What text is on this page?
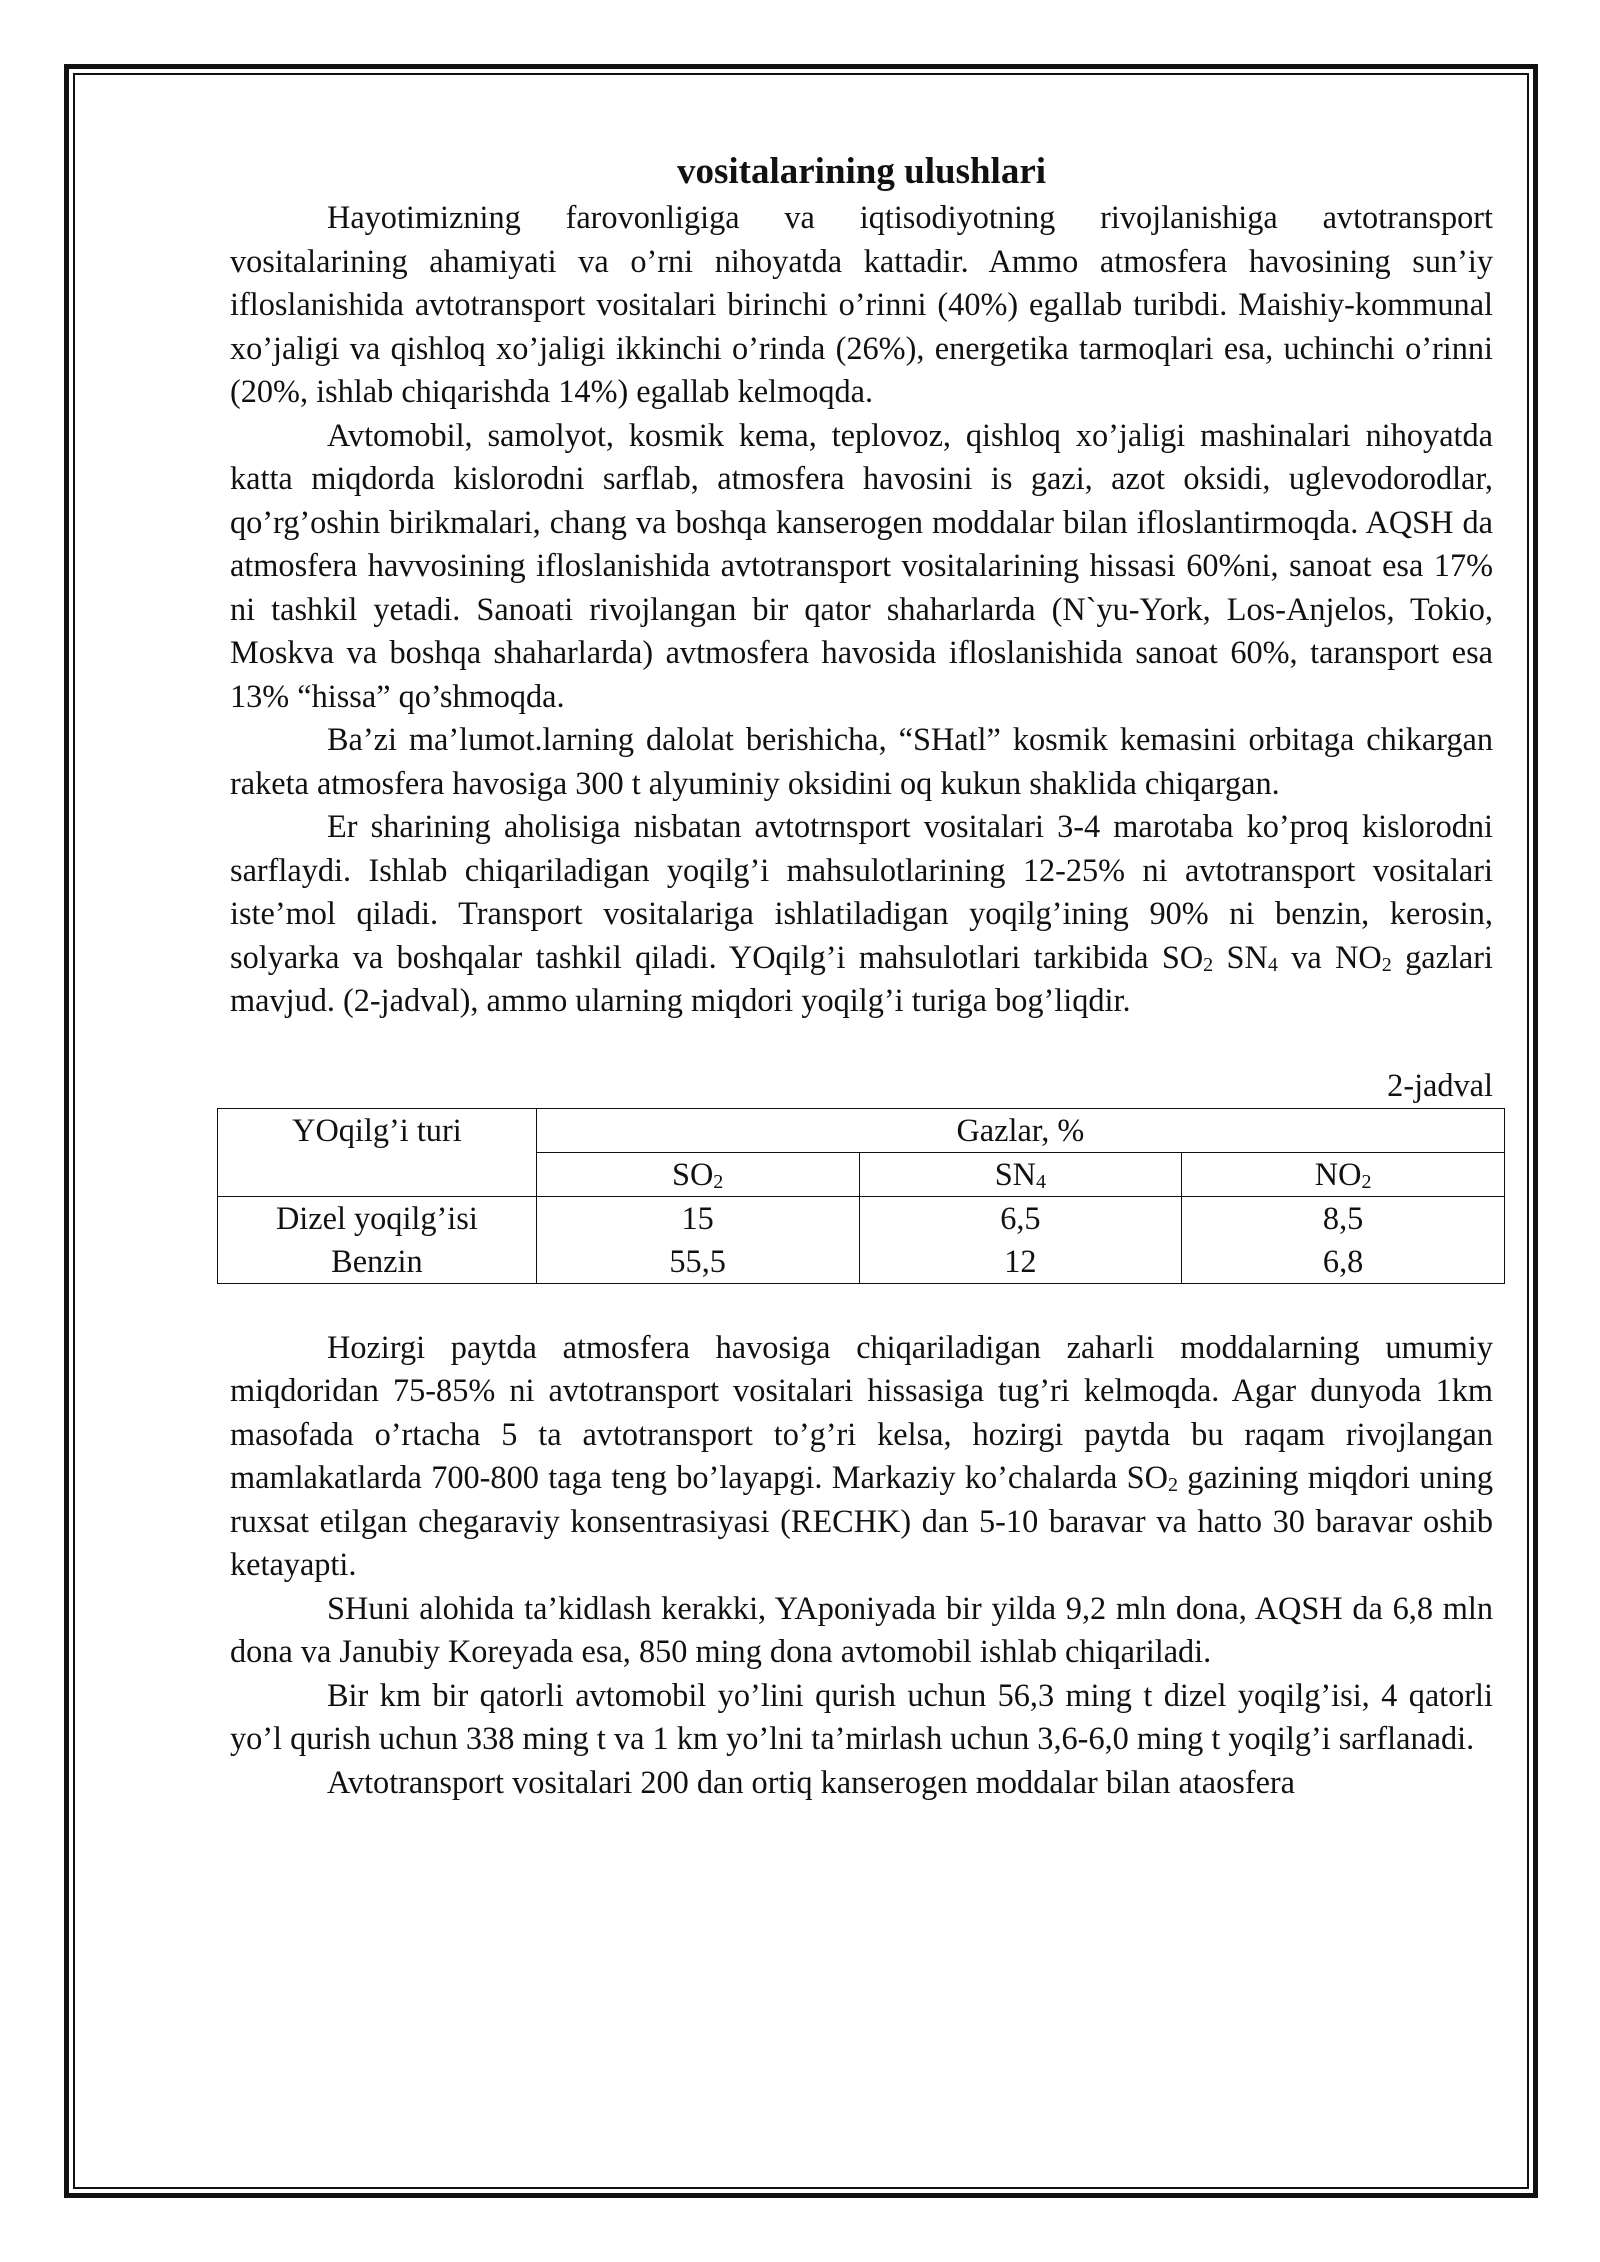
vositalarining ulushlari

Hayotimizning farovonligiga va iqtisodiyotning rivojlanishiga avtotransport vositalarining ahamiyati va o’rni nihoyatda kattadir. Ammo atmosfera havosining sun’iy ifloslanishida avtotransport vositalari birinchi o’rinni (40%) egallab turibdi. Maishiy-kommunal xo’jaligi va qishloq xo’jaligi ikkinchi o’rinda (26%), energetika tarmoqlari esa, uchinchi o’rinni (20%, ishlab chiqarishda 14%) egallab kelmoqda.

Avtomobil, samolyot, kosmik kema, teplovoz, qishloq xo’jaligi mashinalari nihoyatda katta miqdorda kislorodni sarflab, atmosfera havosini is gazi, azot oksidi, uglevodorodlar, qo’rg’oshin birikmalari, chang va boshqa kanserogen moddalar bilan ifloslantirmoqda. AQSH da atmosfera havvosining ifloslanishida avtotransport vositalarining hissasi 60%ni, sanoat esa 17% ni tashkil yetadi. Sanoati rivojlangan bir qator shaharlarda (N`yu-York, Los-Anjelos, Tokio, Moskva va boshqa shaharlarda) avtmosfera havosida ifloslanishida sanoat 60%, taransport esa 13% “hissa” qo’shmoqda.

Ba’zi ma’lumot.larning dalolat berishicha, “SHatl” kosmik kemasini orbitaga chikargan raketa atmosfera havosiga 300 t alyuminiy oksidini oq kukun shaklida chiqargan.

Er sharining aholisiga nisbatan avtotrnsport vositalari 3-4 marotaba ko’proq kislorodni sarflaydi. Ishlab chiqariladigan yoqilg’i mahsulotlarining 12-25% ni avtotransport vositalari iste’mol qiladi. Transport vositalariga ishlatiladigan yoqilg’ining 90% ni benzin, kerosin, solyarka va boshqalar tashkil qiladi. YOqilg’i mahsulotlari tarkibida $SO_2$ $SN_4$ va $NO_2$ gazlari mavjud. (2-jadval), ammo ularning miqdori yoqilg’i turiga bog’liqdir.

2-jadval

YOqilg’i turi	Gazlar, %		
	$SO_2$	$SN_4$	$NO_2$
Dizel yoqilg’isi	15	6,5	8,5
Benzin	55,5	12	6,8

Hozirgi paytda atmosfera havosiga chiqariladigan zaharli moddalarning umumiy miqdoridan 75-85% ni avtotransport vositalari hissasiga tug’ri kelmoqda. Agar dunyoda 1km masofada o’rtacha 5 ta avtotransport to’g’ri kelsa, hozirgi paytda bu raqam rivojlangan mamlakatlarda 700-800 taga teng bo’layapgi. Markaziy ko’chalarda $SO_2$ gazining miqdori uning ruxsat etilgan chegaraviy konsentrasiyasi (RECHK) dan 5-10 baravar va hatto 30 baravar oshib ketayapti.

SHuni alohida ta’kidlash kerakki, YAponiyada bir yilda 9,2 mln dona, AQSH da 6,8 mln dona va Janubiy Koreyada esa, 850 ming dona avtomobil ishlab chiqariladi.

Bir km bir qatorli avtomobil yo’lini qurish uchun 56,3 ming t dizel yoqilg’isi, 4 qatorli yo’l qurish uchun 338 ming t va 1 km yo’lni ta’mirlash uchun 3,6-6,0 ming t yoqilg’i sarflanadi.

Avtotransport vositalari 200 dan ortiq kanserogen moddalar bilan ataosfera
